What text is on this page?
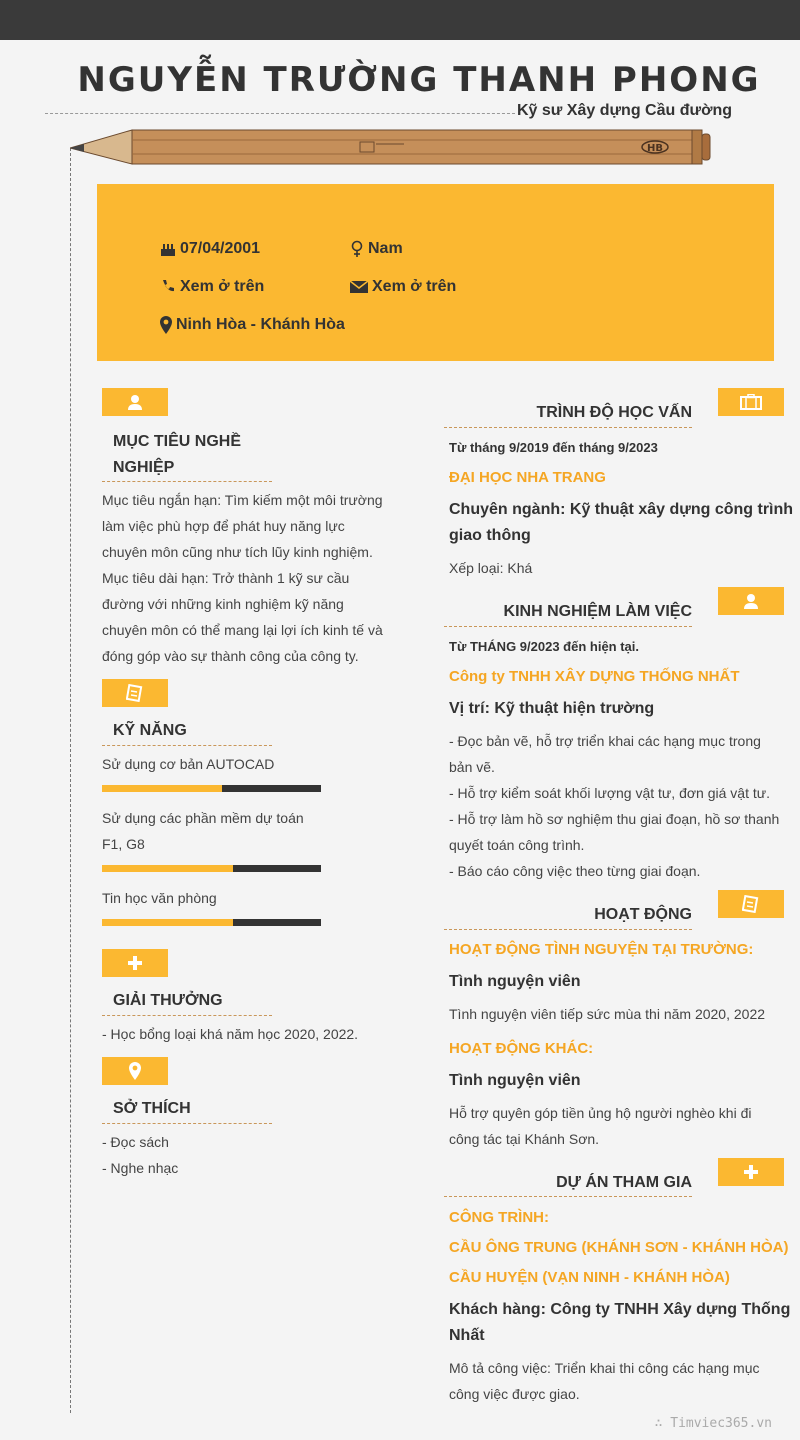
NGUYỄN TRƯỜNG THANH PHONG
Kỹ sư Xây dựng Cầu đường
HB
07/04/2001	Nam
Xem ở trên	Xem ở trên
Ninh Hòa - Khánh Hòa
MỤC TIÊU NGHỀ
NGHIỆP

Mục tiêu ngắn hạn: Tìm kiếm một môi trường

làm việc phù hợp để phát huy năng lực

chuyên môn cũng như tích lũy kinh nghiệm.

Mục tiêu dài hạn: Trở thành 1 kỹ sư cầu

đường với những kinh nghiệm kỹ năng

chuyên môn có thể mang lại lợi ích kinh tế và

đóng góp vào sự thành công của công ty.

KỸ NĂNG
Sử dụng cơ bản AUTOCAD

Sử dụng các phần mềm dự toán

F1, G8

Tin học văn phòng
GIẢI THƯỞNG
- Học bổng loại khá năm học 2020, 2022.
SỞ THÍCH

- Đọc sách

- Nghe nhạc

TRÌNH ĐỘ HỌC VẤN
Từ tháng 9/2019 đến tháng 9/2023
ĐẠI HỌC NHA TRANG
Chuyên ngành: Kỹ thuật xây dựng công trình
giao thông
Xếp loại: Khá
KINH NGHIỆM LÀM VIỆC
Từ THÁNG 9/2023 đến hiện tại.
Công ty TNHH XÂY DỰNG THỐNG NHẤT
Vị trí: Kỹ thuật hiện trường

- Đọc bản vẽ, hỗ trợ triển khai các hạng mục trong

bản vẽ.

- Hỗ trợ kiểm soát khối lượng vật tư, đơn giá vật tư.

- Hỗ trợ làm hồ sơ nghiệm thu giai đoạn, hồ sơ thanh

quyết toán công trình.

- Báo cáo công việc theo từng giai đoạn.

HOẠT ĐỘNG
HOẠT ĐỘNG TÌNH NGUYỆN TẠI TRƯỜNG:
Tình nguyện viên
Tình nguyện viên tiếp sức mùa thi năm 2020, 2022
HOẠT ĐỘNG KHÁC:
Tình nguyện viên

Hỗ trợ quyên góp tiền ủng hộ người nghèo khi đi

công tác tại Khánh Sơn.

DỰ ÁN THAM GIA
CÔNG TRÌNH:
CẦU ÔNG TRUNG (KHÁNH SƠN - KHÁNH HÒA)
CẦU HUYỆN (VẠN NINH - KHÁNH HÒA)
Khách hàng: Công ty TNHH Xây dựng Thống
Nhất

Mô tả công việc: Triển khai thi công các hạng mục

công việc được giao.

∴ Timviec365.vn
